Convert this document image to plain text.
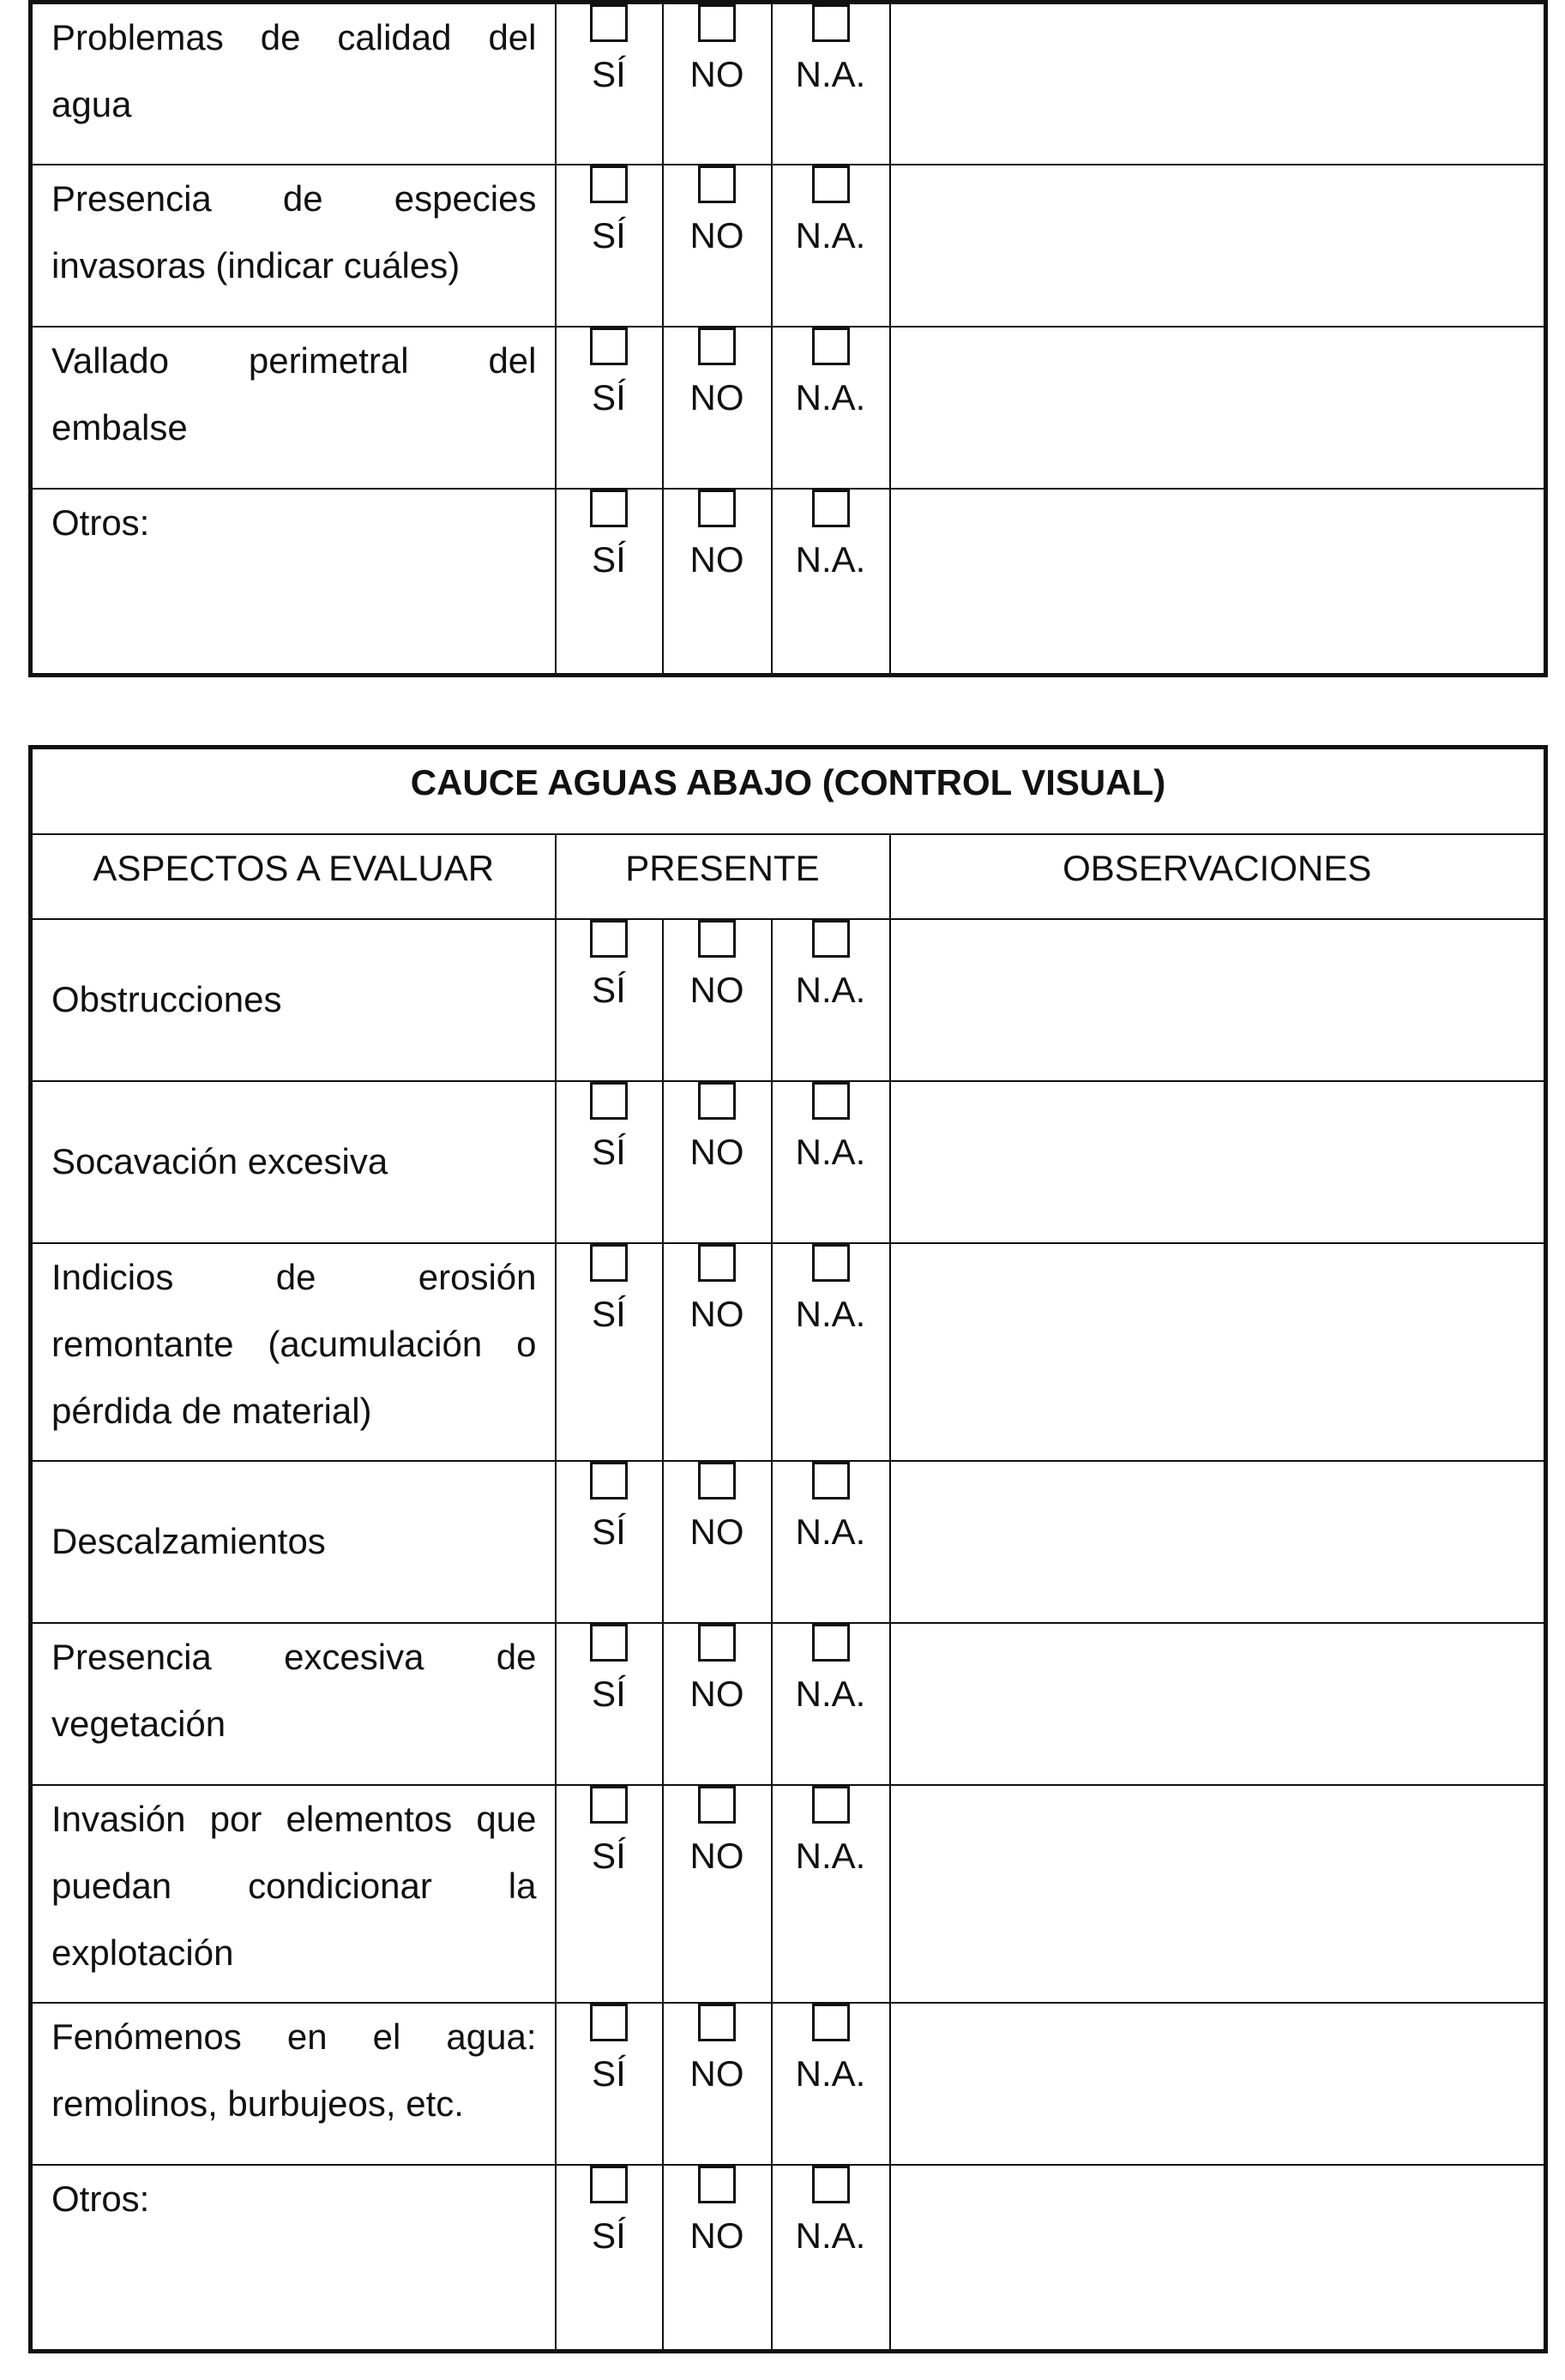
Problemas de calidad del agua	SÍ	NO	N.A.	

Presencia de especies invasoras (indicar cuáles)	SÍ	NO	N.A.	

Vallado perimetral del embalse	SÍ	NO	N.A.	

Otros:	SÍ	NO	N.A.	

CAUCE AGUAS ABAJO (CONTROL VISUAL)				
ASPECTOS A EVALUAR	PRESENTE			OBSERVACIONES

Obstrucciones	SÍ	NO	N.A.	

Socavación excesiva	SÍ	NO	N.A.	

Indicios de erosión remontante (acumulación o pérdida de material)	SÍ	NO	N.A.	

Descalzamientos	SÍ	NO	N.A.	

Presencia excesiva de vegetación	SÍ	NO	N.A.	

Invasión por elementos que puedan condicionar la explotación	SÍ	NO	N.A.	

Fenómenos en el agua: remolinos, burbujeos, etc.	SÍ	NO	N.A.	

Otros:	SÍ	NO	N.A.	
